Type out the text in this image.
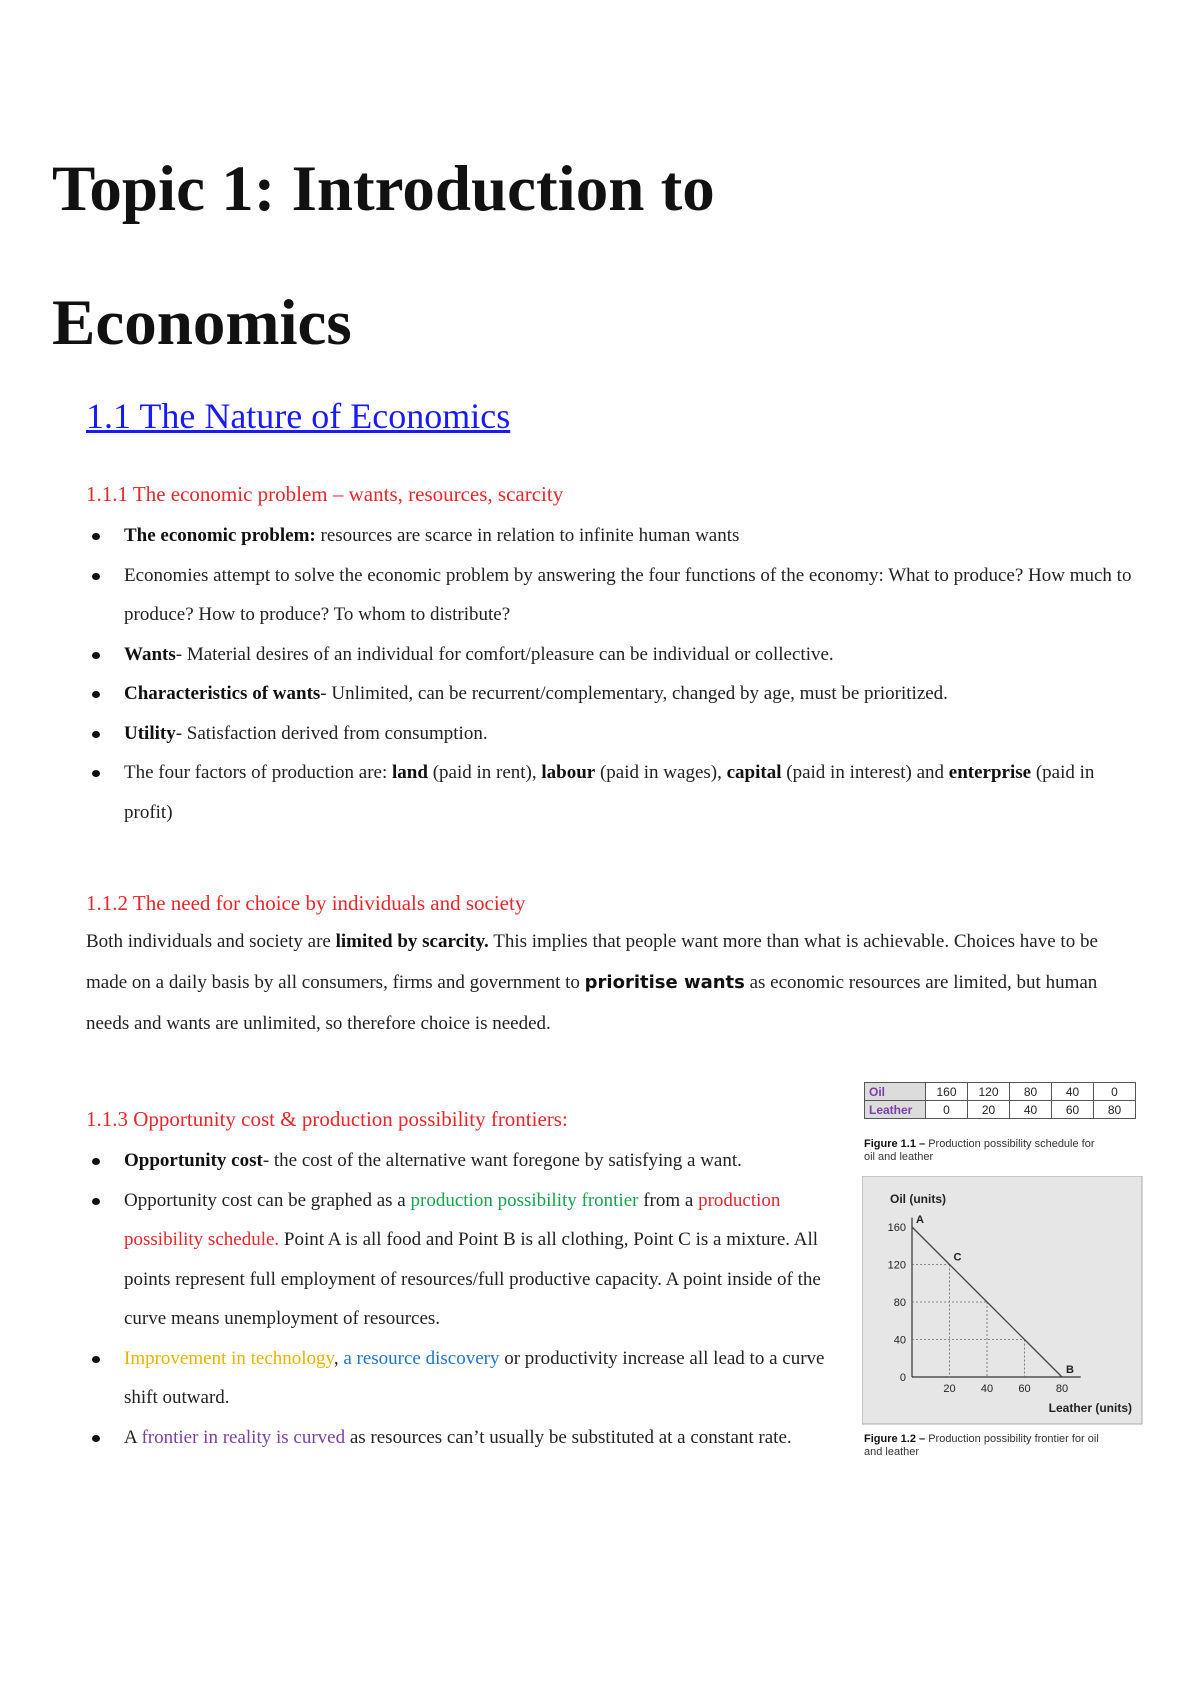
Topic 1: Introduction to Economics
1.1 The Nature of Economics
1.1.1 The economic problem – wants, resources, scarcity
The economic problem: resources are scarce in relation to infinite human wants
Economies attempt to solve the economic problem by answering the four functions of the economy: What to produce? How much to produce? How to produce? To whom to distribute?
Wants- Material desires of an individual for comfort/pleasure can be individual or collective.
Characteristics of wants- Unlimited, can be recurrent/complementary, changed by age, must be prioritized.
Utility- Satisfaction derived from consumption.
The four factors of production are: land (paid in rent), labour (paid in wages), capital (paid in interest) and enterprise (paid in profit)
1.1.2 The need for choice by individuals and society

Both individuals and society are limited by scarcity. This implies that people want more than what is achievable. Choices have to be made on a daily basis by all consumers, firms and government to prioritise wants as economic resources are limited, but human needs and wants are unlimited, so therefore choice is needed.

1.1.3 Opportunity cost & production possibility frontiers:
Opportunity cost- the cost of the alternative want foregone by satisfying a want.
Opportunity cost can be graphed as a production possibility frontier from a production possibility schedule. Point A is all food and Point B is all clothing, Point C is a mixture. All points represent full employment of resources/full productive capacity. A point inside of the curve means unemployment of resources.
Improvement in technology, a resource discovery or productivity increase all lead to a curve shift outward.
A frontier in reality is curved as resources can’t usually be substituted at a constant rate.
Oil	160	120	80	40	0
Leather	0	20	40	60	80
Figure 1.1 – Production possibility schedule for
oil and leather
Oil (units)
Leather (units)
0
40
80
120
160
20 40 60 80
A
C
B
Figure 1.2 – Production possibility frontier for oil
and leather
